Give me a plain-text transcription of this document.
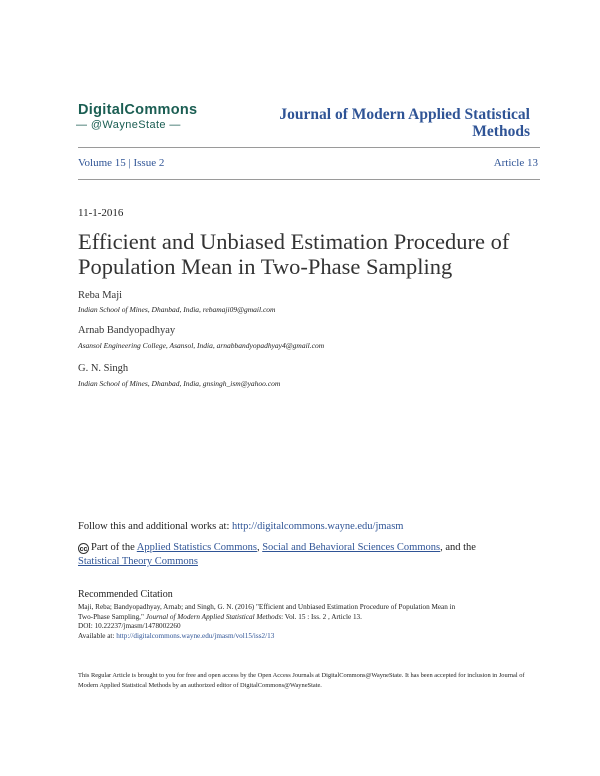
DigitalCommons
— @WayneState —
Journal of Modern Applied Statistical Methods
Volume 15 | Issue 2	Article 13
11-1-2016
Efficient and Unbiased Estimation Procedure of Population Mean in Two-Phase Sampling
Reba Maji
Indian School of Mines, Dhanbad, India, rebamaji09@gmail.com
Arnab Bandyopadhyay
Asansol Engineering College, Asansol, India, arnabbandyopadhyay4@gmail.com
G. N. Singh
Indian School of Mines, Dhanbad, India, gnsingh_ism@yahoo.com
Follow this and additional works at: http://digitalcommons.wayne.edu/jmasm
cc Part of the Applied Statistics Commons, Social and Behavioral Sciences Commons, and the Statistical Theory Commons
Recommended Citation
Maji, Reba; Bandyopadhyay, Arnab; and Singh, G. N. (2016) "Efficient and Unbiased Estimation Procedure of Population Mean in
Two-Phase Sampling," Journal of Modern Applied Statistical Methods: Vol. 15 : Iss. 2 , Article 13.
DOI: 10.22237/jmasm/1478002260
Available at: http://digitalcommons.wayne.edu/jmasm/vol15/iss2/13
This Regular Article is brought to you for free and open access by the Open Access Journals at DigitalCommons@WayneState. It has been accepted for inclusion in Journal of Modern Applied Statistical Methods by an authorized editor of DigitalCommons@WayneState.
